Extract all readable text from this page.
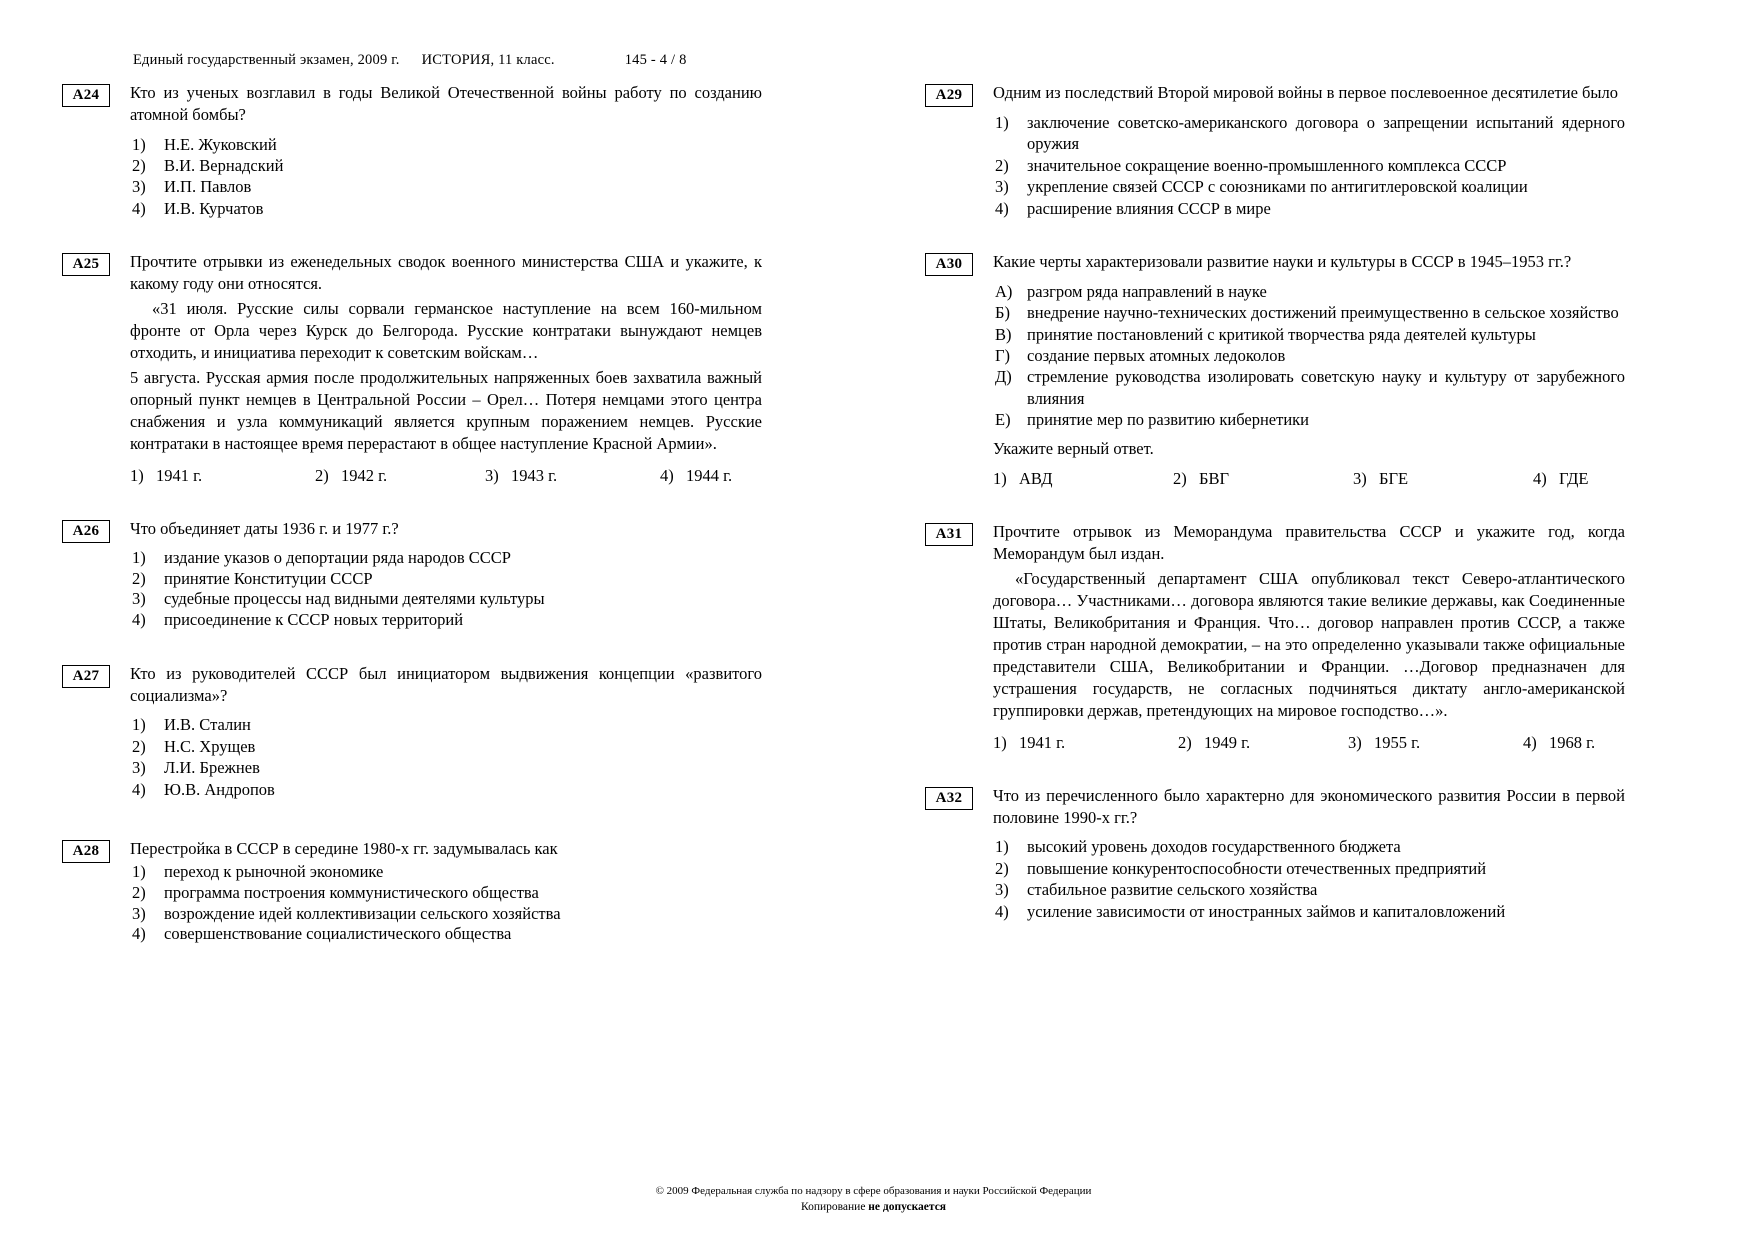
Единый государственный экзамен, 2009 г. ИСТОРИЯ, 11 класс.	145 - 4 / 8
A24	Кто из ученых возглавил в годы Великой Отечественной войны работу по созданию атомной бомбы?
1)	Н.Е. Жуковский
2)	В.И. Вернадский
3)	И.П. Павлов
4)	И.В. Курчатов
A25	Прочтите отрывки из еженедельных сводок военного министерства США и укажите, к какому году они относятся.
«31 июля. Русские силы сорвали германское наступление на всем 160-мильном фронте от Орла через Курск до Белгорода. Русские контратаки вынуждают немцев отходить, и инициатива переходит к советским войскам…
5 августа. Русская армия после продолжительных напряженных боев захватила важный опорный пункт немцев в Центральной России – Орел… Потеря немцами этого центра снабжения и узла коммуникаций является крупным поражением немцев. Русские контратаки в настоящее время перерастают в общее наступление Красной Армии».
1) 1941 г.	2) 1942 г.	3) 1943 г.	4) 1944 г.
A26	Что объединяет даты 1936 г. и 1977 г.?
1)	издание указов о депортации ряда народов СССР
2)	принятие Конституции СССР
3)	судебные процессы над видными деятелями культуры
4)	присоединение к СССР новых территорий
A27	Кто из руководителей СССР был инициатором выдвижения концепции «развитого социализма»?
1)	И.В. Сталин
2)	Н.С. Хрущев
3)	Л.И. Брежнев
4)	Ю.В. Андропов
A28	Перестройка в СССР в середине 1980-х гг. задумывалась как
1)	переход к рыночной экономике
2)	программа построения коммунистического общества
3)	возрождение идей коллективизации сельского хозяйства
4)	совершенствование социалистического общества
A29	Одним из последствий Второй мировой войны в первое послевоенное десятилетие было
1)	заключение советско-американского договора о запрещении испытаний ядерного оружия
2)	значительное сокращение военно-промышленного комплекса СССР
3)	укрепление связей СССР с союзниками по антигитлеровской коалиции
4)	расширение влияния СССР в мире
A30	Какие черты характеризовали развитие науки и культуры в СССР в 1945–1953 гг.?
А) разгром ряда направлений в науке
Б)	внедрение научно-технических достижений преимущественно в сельское хозяйство
В) принятие постановлений с критикой творчества ряда деятелей культуры
Г)	создание первых атомных ледоколов
Д) стремление руководства изолировать советскую науку и культуру от зарубежного влияния
Е) принятие мер по развитию кибернетики
Укажите верный ответ.
1) АВД	2) БВГ	3) БГЕ	4) ГДЕ
A31	Прочтите отрывок из Меморандума правительства СССР и укажите год, когда Меморандум был издан.
«Государственный департамент США опубликовал текст Северо-атлантического договора… Участниками… договора являются такие великие державы, как Соединенные Штаты, Великобритания и Франция. Что… договор направлен против СССР, а также против стран народной демократии, – на это определенно указывали также официальные представители США, Великобритании и Франции. …Договор предназначен для устрашения государств, не согласных подчиняться диктату англо-американской группировки держав, претендующих на мировое господство…».
1) 1941 г.	2) 1949 г.	3) 1955 г.	4) 1968 г.
A32	Что из перечисленного было характерно для экономического развития России в первой половине 1990-х гг.?
1)	высокий уровень доходов государственного бюджета
2)	повышение конкурентоспособности отечественных предприятий
3)	стабильное развитие сельского хозяйства
4)	усиление зависимости от иностранных займов и капиталовложений
© 2009 Федеральная служба по надзору в сфере образования и науки Российской Федерации
Копирование не допускается
